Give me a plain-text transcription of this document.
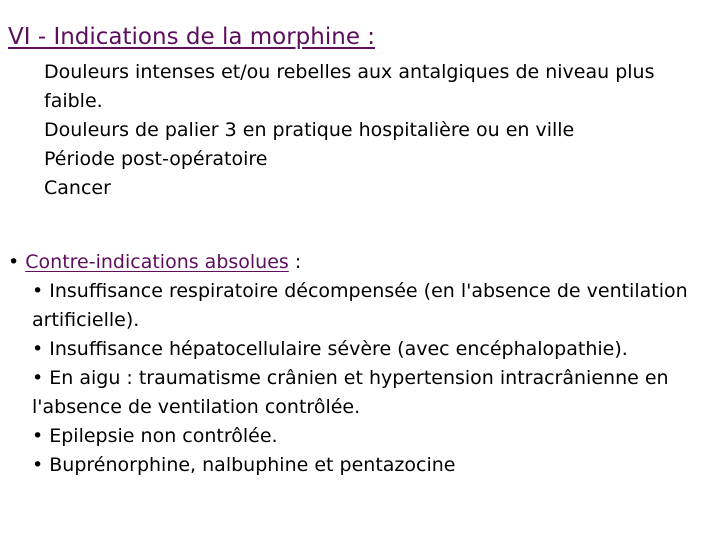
VI - Indications de la morphine :
Douleurs intenses et/ou rebelles aux antalgiques de niveau plus faible.
Douleurs de palier 3 en pratique hospitalière ou en ville
Période post-opératoire
Cancer
• Contre-indications absolues :
• Insuffisance respiratoire décompensée (en l'absence de ventilation artificielle).
• Insuffisance hépatocellulaire sévère (avec encéphalopathie).
• En aigu : traumatisme crânien et hypertension intracrânienne en l'absence de ventilation contrôlée.
• Epilepsie non contrôlée.
• Buprénorphine, nalbuphine et pentazocine
